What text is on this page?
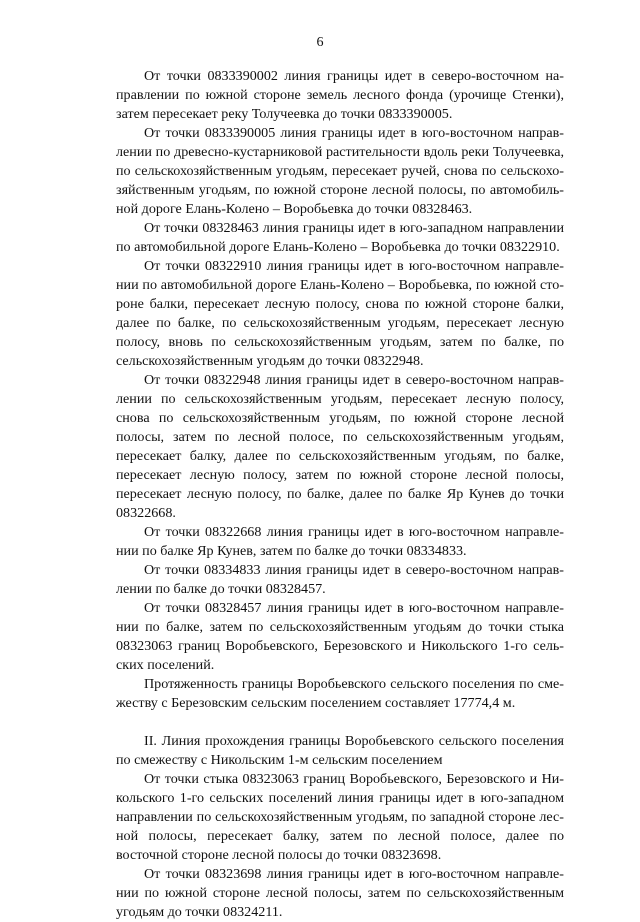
6

От точки 0833390002 линия границы идет в северо-восточном направлении по южной стороне земель лесного фонда (урочище Стенки), затем пересекает реку Толучеевка до точки 0833390005.

От точки 0833390005 линия границы идет в юго-восточном направлении по древесно-кустарниковой растительности вдоль реки Толучеевка, по сельскохозяйственным угодьям, пересекает ручей, снова по сельскохозяйственным угодьям, по южной стороне лесной полосы, по автомобильной дороге Елань-Колено – Воробьевка до точки 08328463.

От точки 08328463 линия границы идет в юго-западном направлении по автомобильной дороге Елань-Колено – Воробьевка до точки 08322910.

От точки 08322910 линия границы идет в юго-восточном направлении по автомобильной дороге Елань-Колено – Воробьевка, по южной стороне балки, пересекает лесную полосу, снова по южной стороне балки, далее по балке, по сельскохозяйственным угодьям, пересекает лесную полосу, вновь по сельскохозяйственным угодьям, затем по балке, по сельскохозяйственным угодьям до точки 08322948.

От точки 08322948 линия границы идет в северо-восточном направлении по сельскохозяйственным угодьям, пересекает лесную полосу, снова по сельскохозяйственным угодьям, по южной стороне лесной полосы, затем по лесной полосе, по сельскохозяйственным угодьям, пересекает балку, далее по сельскохозяйственным угодьям, по балке, пересекает лесную полосу, затем по южной стороне лесной полосы, пересекает лесную полосу, по балке, далее по балке Яр Кунев до точки 08322668.

От точки 08322668 линия границы идет в юго-восточном направлении по балке Яр Кунев, затем по балке до точки 08334833.

От точки 08334833 линия границы идет в северо-восточном направлении по балке до точки 08328457.

От точки 08328457 линия границы идет в юго-восточном направлении по балке, затем по сельскохозяйственным угодьям до точки стыка 08323063 границ Воробьевского, Березовского и Никольского 1-го сельских поселений.

Протяженность границы Воробьевского сельского поселения по смежеству с Березовским сельским поселением составляет 17774,4 м.

II. Линия прохождения границы Воробьевского сельского поселения по смежеству с Никольским 1-м сельским поселением

От точки стыка 08323063 границ Воробьевского, Березовского и Никольского 1-го сельских поселений линия границы идет в юго-западном направлении по сельскохозяйственным угодьям, по западной стороне лесной полосы, пересекает балку, затем по лесной полосе, далее по восточной стороне лесной полосы до точки 08323698.

От точки 08323698 линия границы идет в юго-восточном направлении по южной стороне лесной полосы, затем по сельскохозяйственным угодьям до точки 08324211.
